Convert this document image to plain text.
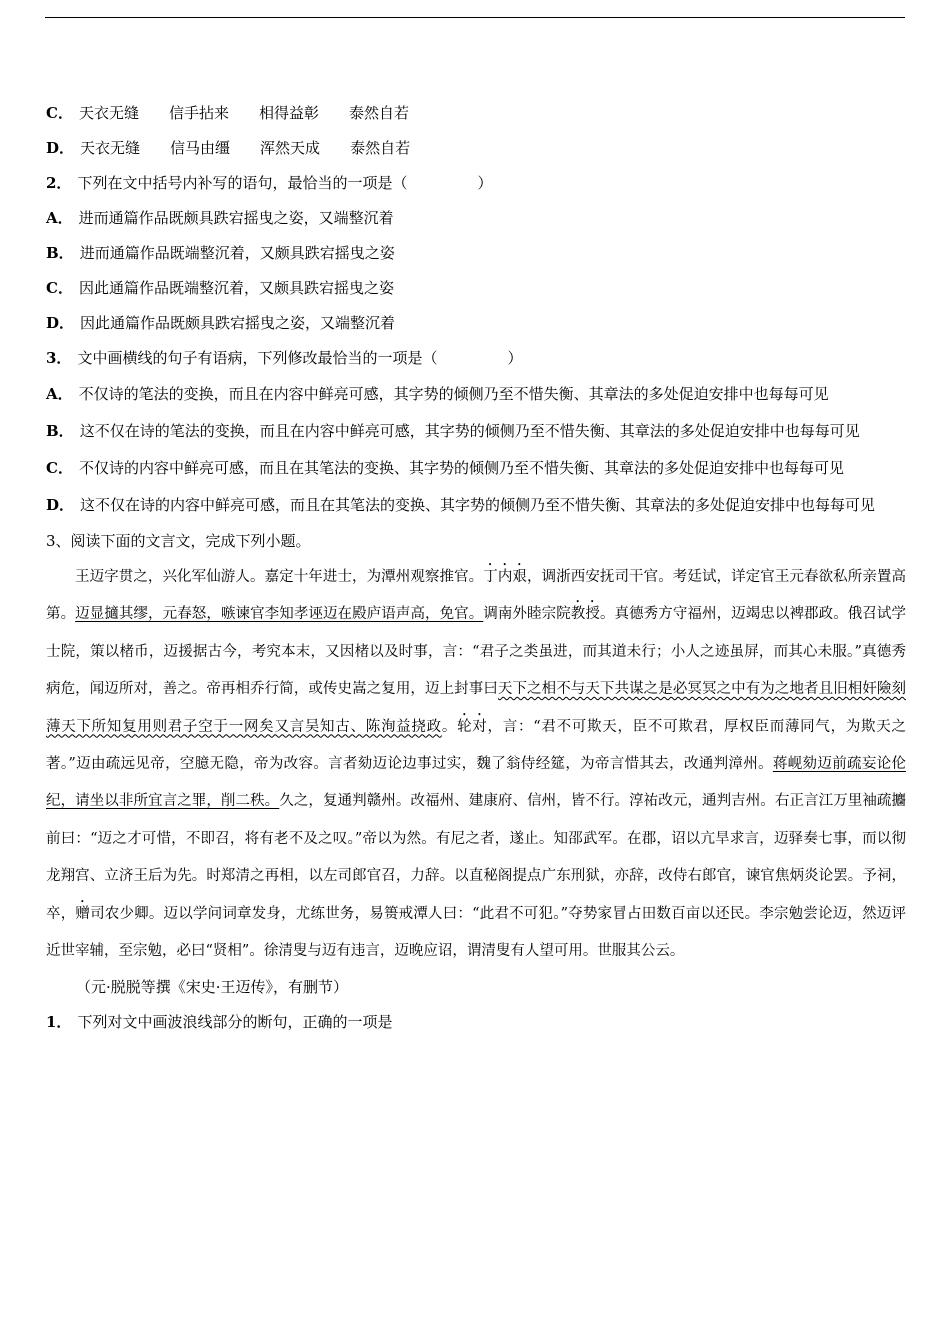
C． 天衣无缝 信手拈来 相得益彰 泰然自若
D． 天衣无缝 信马由缰 浑然天成 泰然自若
2． 下列在文中括号内补写的语句，最恰当的一项是（	）
A． 进而通篇作品既颇具跌宕摇曳之姿，又端整沉着
B． 进而通篇作品既端整沉着，又颇具跌宕摇曳之姿
C． 因此通篇作品既端整沉着，又颇具跌宕摇曳之姿
D． 因此通篇作品既颇具跌宕摇曳之姿，又端整沉着
3． 文中画横线的句子有语病，下列修改最恰当的一项是（	）
A． 不仅诗的笔法的变换，而且在内容中鲜亮可感，其字势的倾侧乃至不惜失衡、其章法的多处促迫安排中也每每可见
B． 这不仅在诗的笔法的变换，而且在内容中鲜亮可感，其字势的倾侧乃至不惜失衡、其章法的多处促迫安排中也每每可见
C． 不仅诗的内容中鲜亮可感，而且在其笔法的变换、其字势的倾侧乃至不惜失衡、其章法的多处促迫安排中也每每可见
D． 这不仅在诗的内容中鲜亮可感，而且在其笔法的变换、其字势的倾侧乃至不惜失衡、其章法的多处促迫安排中也每每可见
3、阅读下面的文言文，完成下列小题。
王迈字贯之，兴化军仙游人。嘉定十年进士，为潭州观察推官。丁内艰，调浙西安抚司干官。考廷试，详定官王元春欲私所亲置高第。迈显擿其缪，元春怒，嗾谏官李知孝诬迈在殿庐语声高，免官。调南外睦宗院教授。真德秀方守福州，迈竭忠以裨郡政。俄召试学士院，策以楮币，迈援据古今，考究本末，又因楮以及时事，言：“君子之类虽进，而其道未行；小人之迹虽屏，而其心未服。”真德秀病危，闻迈所对，善之。帝再相乔行简，或传史嵩之复用，迈上封事曰天下之相不与天下共谋之是必冥冥之中有为之地者且旧相奸險刻薄天下所知复用则君子空于一网矣又言吴知古、陈洵益挠政。轮对，言：“君不可欺天，臣不可欺君，厚权臣而薄同气，为欺天之著。”迈由疏远见帝，空臆无隐，帝为改容。言者劾迈论边事过实，魏了翁侍经筵，为帝言惜其去，改通判漳州。蒋岘劾迈前疏妄论伦纪，请坐以非所宜言之罪，削二秩。久之，复通判赣州。改福州、建康府、信州，皆不行。淳祐改元，通判吉州。右正言江万里袖疏攟前曰：“迈之才可惜，不即召，将有老不及之叹。”帝以为然。有尼之者，遂止。知邵武军。在郡，诏以亢旱求言，迈驿奏七事，而以彻龙翔宫、立济王后为先。时郑清之再相，以左司郎官召，力辞。以直秘阁提点广东刑狱，亦辞，改侍右郎官，谏官焦炳炎论罢。予祠，卒，赠司农少卿。迈以学问词章发身，尤练世务，易篑戒潭人曰：“此君不可犯。”夺势家冒占田数百亩以还民。李宗勉尝论迈，然迈评近世宰辅，至宗勉，必曰“贤相”。徐清叟与迈有违言，迈晚应诏，谓清叟有人望可用。世服其公云。
（元·脱脱等撰《宋史·王迈传》，有删节）
1． 下列对文中画波浪线部分的断句，正确的一项是
